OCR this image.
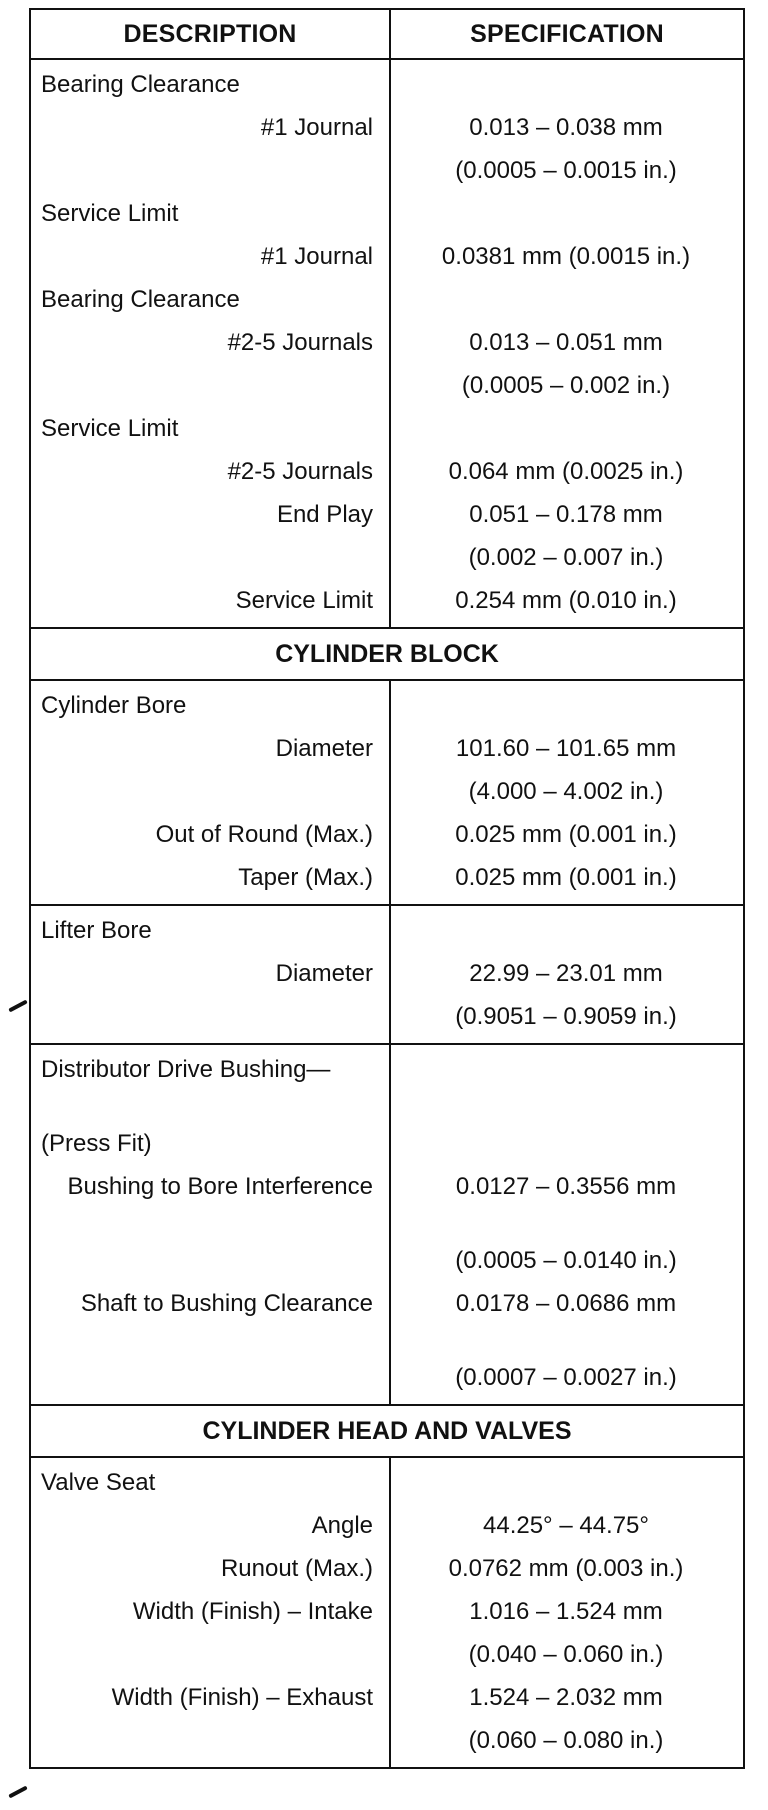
DESCRIPTION	SPECIFICATION
Bearing Clearance
#1 Journal	0.013 – 0.038 mm
(0.0005 – 0.0015 in.)
Service Limit
#1 Journal	0.0381 mm (0.0015 in.)
Bearing Clearance
#2-5 Journals	0.013 – 0.051 mm
(0.0005 – 0.002 in.)
Service Limit
#2-5 Journals	0.064 mm (0.0025 in.)
End Play	0.051 – 0.178 mm
(0.002 – 0.007 in.)
Service Limit	0.254 mm (0.010 in.)
CYLINDER BLOCK
Cylinder Bore
Diameter	101.60 – 101.65 mm
(4.000 – 4.002 in.)
Out of Round (Max.)	0.025 mm (0.001 in.)
Taper (Max.)	0.025 mm (0.001 in.)
Lifter Bore
Diameter	22.99 – 23.01 mm
(0.9051 – 0.9059 in.)
Distributor Drive Bushing—
(Press Fit)
Bushing to Bore Interference	0.0127 – 0.3556 mm
(0.0005 – 0.0140 in.)
Shaft to Bushing Clearance	0.0178 – 0.0686 mm
(0.0007 – 0.0027 in.)
CYLINDER HEAD AND VALVES
Valve Seat
Angle	44.25° – 44.75°
Runout (Max.)	0.0762 mm (0.003 in.)
Width (Finish) – Intake	1.016 – 1.524 mm
(0.040 – 0.060 in.)
Width (Finish) – Exhaust	1.524 – 2.032 mm
(0.060 – 0.080 in.)
